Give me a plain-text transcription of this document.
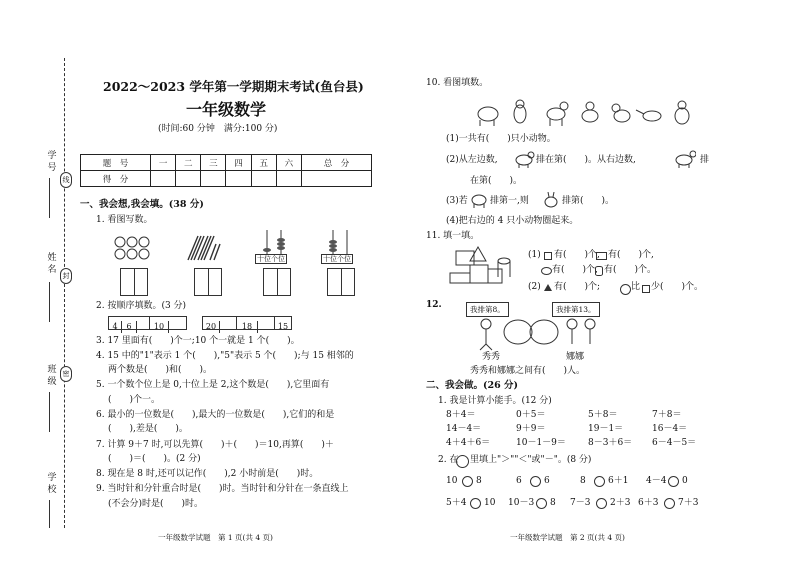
学 号
姓 名
班 级
学 校
线
封
密
2022～2023 学年第一学期期末考试(鱼台县)
一年级数学
(时间:60 分钟　满分:100 分)
题　号	一	二	三	四	五	六	总　分
得　分							
一、我会想,我会填。(38 分)
1. 看图写数。
十位个位	十位个位
2. 按顺序填数。(3 分)
4 6	10	20	18	15
3. 17 里面有(　　)个一;10 个一就是 1 个(　　)。
4. 15 中的"1"表示 1 个(　　),"5"表示 5 个(　　);与 15 相邻的
两个数是(　　)和(　　)。
5. 一个数个位上是 0,十位上是 2,这个数是(　　),它里面有
(　　)个一。
6. 最小的一位数是(　　),最大的一位数是(　　),它们的和是
(　　),差是(　　)。
7. 计算 9＋7 时,可以先算(　　)＋(　　)＝10,再算(　　)＋
(　　)＝(　　)。(2 分)
8. 现在是 8 时,还可以记作(　　),2 小时前是(　　)时。
9. 当时针和分针重合时是(　　)时。当时针和分针在一条直线上
(不会分)时是(　　)时。
一年级数学试题　第 1 页(共 4 页)
10. 看图填数。
(1)一共有(　　)只小动物。
(2)从左边数,	排在第(　　)。从右边数,	排
在第(　　)。
(3)若 排第一,则	排第(　　)。
(4)把右边的 4 只小动物圈起来。
11. 填一填。
(1) 有(　　)个, 有(　　)个,
有(　　)个, 有(　　)个。
(2) 有(　　)个;	比 少(　　)个。
12.	我排第8。	我排第13。
秀秀	娜娜
秀秀和娜娜之间有(　　)人。
二、我会做。(26 分)
1. 我是计算小能手。(12 分)
8＋4＝	0＋5＝	5＋8＝	7＋8＝
14－4＝	9＋9＝	19－1＝	16－4＝
4＋4＋6＝	10－1－9＝ 8－3＋6＝ 6－4－5＝
2. 在 里填上"＞""＜"或"－"。(8 分)
10 8	6 6	8 6＋1 4－4 0
5＋4 10 10－3 8 7－3 2＋3 6＋3 7＋3
一年级数学试题　第 2 页(共 4 页)
